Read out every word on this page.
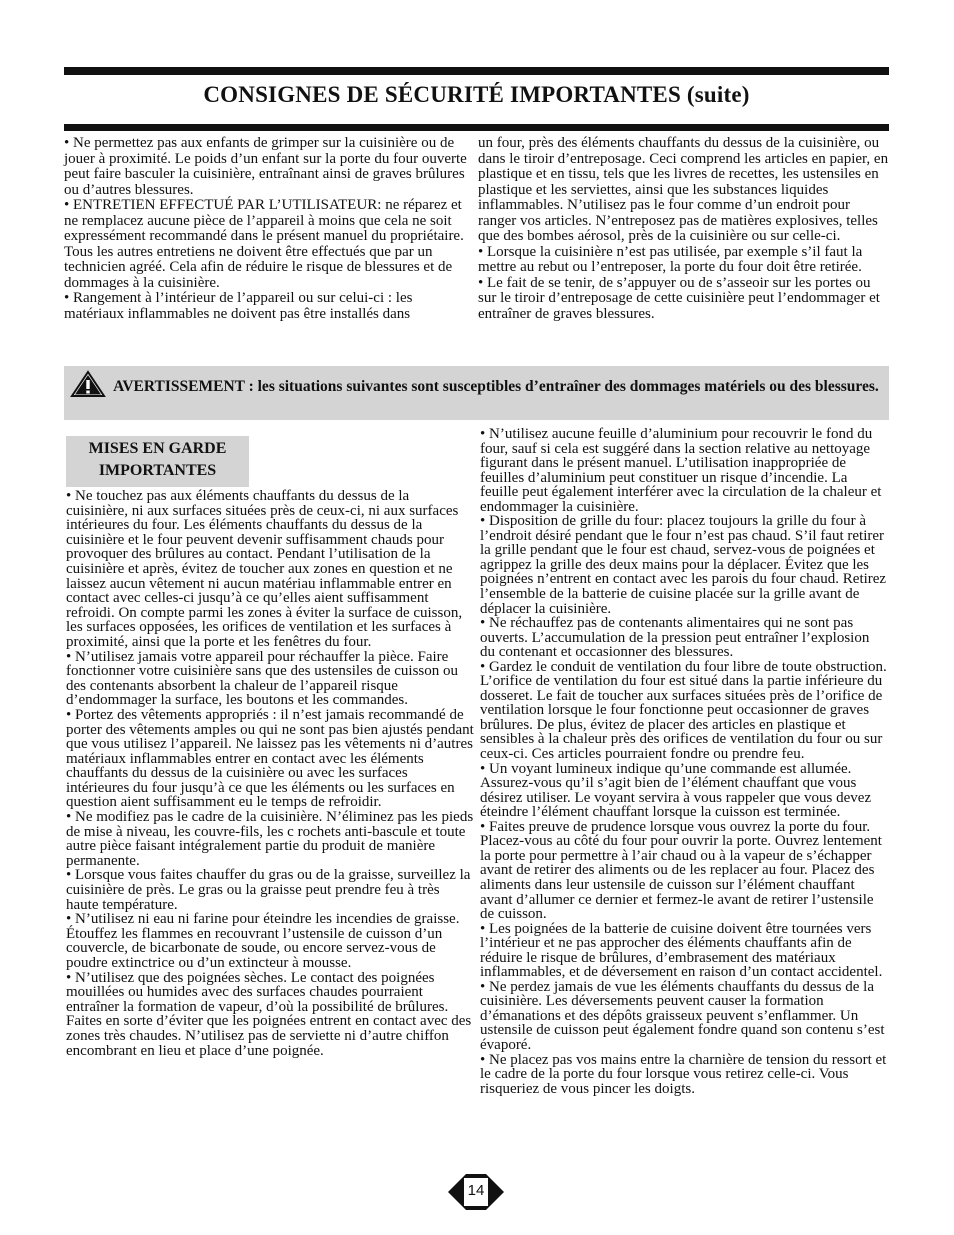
CONSIGNES DE SÉCURITÉ IMPORTANTES (suite)

• Ne permettez pas aux enfants de grimper sur la cuisinière ou de jouer à proximité. Le poids d’un enfant sur la porte du four ouverte peut faire basculer la cuisinière, entraînant ainsi de graves brûlures ou d’autres blessures.

• ENTRETIEN EFFECTUÉ PAR L’UTILISATEUR: ne réparez et ne remplacez aucune pièce de l’appareil à moins que cela ne soit expressément recommandé dans le présent manuel du propriétaire. Tous les autres entretiens ne doivent être effectués que par un technicien agréé. Cela afin de réduire le risque de blessures et de dommages à la cuisinière.

• Rangement à l’intérieur de l’appareil ou sur celui-ci : les matériaux inflammables ne doivent pas être installés dans

un four, près des éléments chauffants du dessus de la cuisinière, ou dans le tiroir d’entreposage. Ceci comprend les articles en papier, en plastique et en tissu, tels que les livres de recettes, les ustensiles en plastique et les serviettes, ainsi que les substances liquides inflammables. N’utilisez pas le four comme d’un endroit pour ranger vos articles. N’entreposez pas de matières explosives, telles que des bombes aérosol, près de la cuisinière ou sur celle-ci.

• Lorsque la cuisinière n’est pas utilisée, par exemple s’il faut la mettre au rebut ou l’entreposer, la porte du four doit être retirée.

• Le fait de se tenir, de s’appuyer ou de s’asseoir sur les portes ou sur le tiroir d’entreposage de cette cuisinière peut l’endommager et entraîner de graves blessures.

AVERTISSEMENT : les situations suivantes sont susceptibles d’entraîner des dommages matériels ou des blessures.
MISES EN GARDE
IMPORTANTES

• Ne touchez pas aux éléments chauffants du dessus de la cuisinière, ni aux surfaces situées près de ceux-ci, ni aux surfaces intérieures du four. Les éléments chauffants du dessus de la cuisinière et le four peuvent devenir suffisamment chauds pour provoquer des brûlures au contact. Pendant l’utilisation de la cuisinière et après, évitez de toucher aux zones en question et ne laissez aucun vêtement ni aucun matériau inflammable entrer en contact avec celles-ci jusqu’à ce qu’elles aient suffisamment refroidi. On compte parmi les zones à éviter la surface de cuisson, les surfaces opposées, les orifices de ventilation et les surfaces à proximité, ainsi que la porte et les fenêtres du four.

• N’utilisez jamais votre appareil pour réchauffer la pièce. Faire fonctionner votre cuisinière sans que des ustensiles de cuisson ou des contenants absorbent la chaleur de l’appareil risque d’endommager la surface, les boutons et les commandes.

• Portez des vêtements appropriés : il n’est jamais recommandé de porter des vêtements amples ou qui ne sont pas bien ajustés pendant que vous utilisez l’appareil. Ne laissez pas les vêtements ni d’autres matériaux inflammables entrer en contact avec les éléments chauffants du dessus de la cuisinière ou avec les surfaces intérieures du four jusqu’à ce que les éléments ou les surfaces en question aient suffisamment eu le temps de refroidir.

• Ne modifiez pas le cadre de la cuisinière. N’éliminez pas les pieds de mise à niveau, les couvre-fils, les c rochets anti-bascule et toute autre pièce faisant intégralement partie du produit de manière permanente.

• Lorsque vous faites chauffer du gras ou de la graisse, surveillez la cuisinière de près. Le gras ou la graisse peut prendre feu à très haute température.

• N’utilisez ni eau ni farine pour éteindre les incendies de graisse. Étouffez les flammes en recouvrant l’ustensile de cuisson d’un couvercle, de bicarbonate de soude, ou encore servez-vous de poudre extinctrice ou d’un extincteur à mousse.

• N’utilisez que des poignées sèches. Le contact des poignées mouillées ou humides avec des surfaces chaudes pourraient entraîner la formation de vapeur, d’où la possibilité de brûlures. Faites en sorte d’éviter que les poignées entrent en contact avec des zones très chaudes. N’utilisez pas de serviette ni d’autre chiffon encombrant en lieu et place d’une poignée.

• N’utilisez aucune feuille d’aluminium pour recouvrir le fond du four, sauf si cela est suggéré dans la section relative au nettoyage figurant dans le présent manuel. L’utilisation inappropriée de feuilles d’aluminium peut constituer un risque d’incendie. La feuille peut également interférer avec la circulation de la chaleur et endommager la cuisinière.

• Disposition de grille du four: placez toujours la grille du four à l’endroit désiré pendant que le four n’est pas chaud. S’il faut retirer la grille pendant que le four est chaud, servez-vous de poignées et agrippez la grille des deux mains pour la déplacer. Évitez que les poignées n’entrent en contact avec les parois du four chaud. Retirez l’ensemble de la batterie de cuisine placée sur la grille avant de déplacer la cuisinière.

• Ne réchauffez pas de contenants alimentaires qui ne sont pas ouverts. L’accumulation de la pression peut entraîner l’explosion du contenant et occasionner des blessures.

• Gardez le conduit de ventilation du four libre de toute obstruction. L’orifice de ventilation du four est situé dans la partie inférieure du dosseret. Le fait de toucher aux surfaces situées près de l’orifice de ventilation lorsque le four fonctionne peut occasionner de graves brûlures. De plus, évitez de placer des articles en plastique et sensibles à la chaleur près des orifices de ventilation du four ou sur ceux-ci. Ces articles pourraient fondre ou prendre feu.

• Un voyant lumineux indique qu’une commande est allumée. Assurez-vous qu’il s’agit bien de l’élément chauffant que vous désirez utiliser. Le voyant servira à vous rappeler que vous devez éteindre l’élément chauffant lorsque la cuisson est terminée.

• Faites preuve de prudence lorsque vous ouvrez la porte du four. Placez-vous au côté du four pour ouvrir la porte. Ouvrez lentement la porte pour permettre à l’air chaud ou à la vapeur de s’échapper avant de retirer des aliments ou de les replacer au four. Placez des aliments dans leur ustensile de cuisson sur l’élément chauffant avant d’allumer ce dernier et fermez-le avant de retirer l’ustensile de cuisson.

• Les poignées de la batterie de cuisine doivent être tournées vers l’intérieur et ne pas approcher des éléments chauffants afin de réduire le risque de brûlures, d’embrasement des matériaux inflammables, et de déversement en raison d’un contact accidentel.

• Ne perdez jamais de vue les éléments chauffants du dessus de la cuisinière. Les déversements peuvent causer la formation d’émanations et des dépôts graisseux peuvent s’enflammer. Un ustensile de cuisson peut également fondre quand son contenu s’est évaporé.

• Ne placez pas vos mains entre la charnière de tension du ressort et le cadre de la porte du four lorsque vous retirez celle-ci. Vous risqueriez de vous pincer les doigts.

14
